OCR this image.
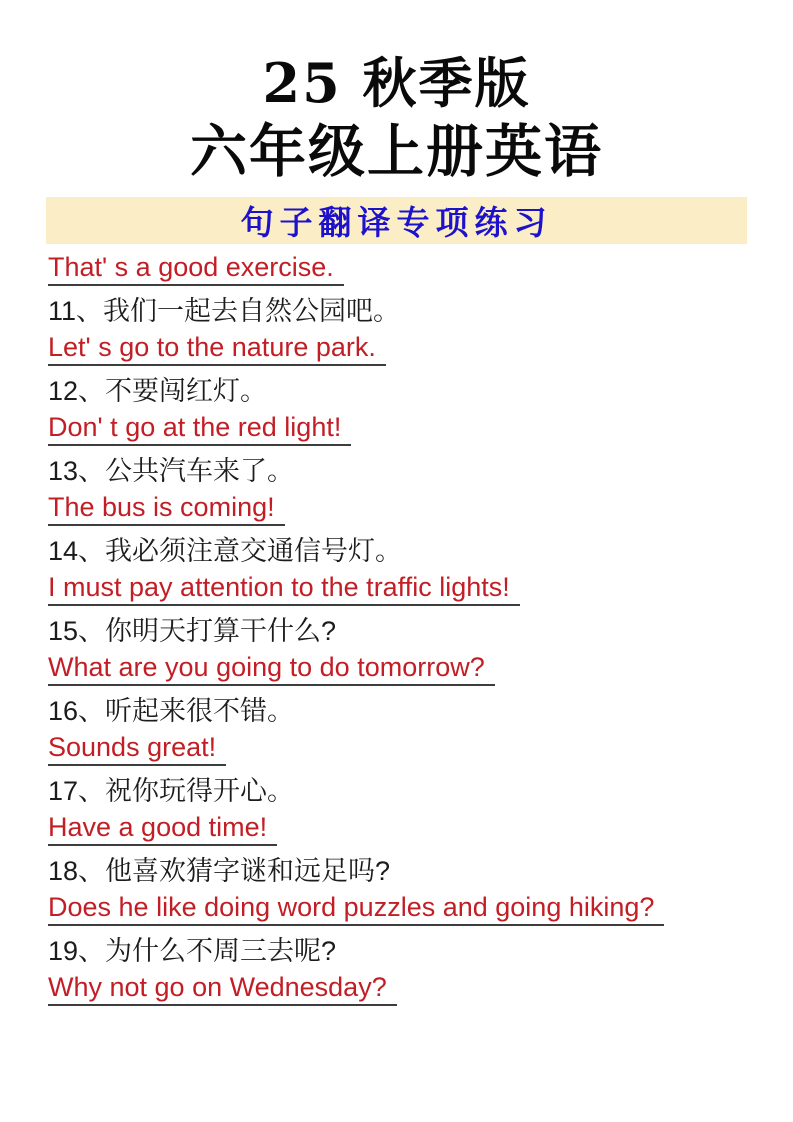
25 秋季版
六年级上册英语
句子翻译专项练习
That' s a good exercise.
11、我们一起去自然公园吧。
Let' s go to the nature park.
12、不要闯红灯。
Don' t go at the red light!
13、公共汽车来了。
The bus is coming!
14、我必须注意交通信号灯。
I must pay attention to the traffic lights!
15、你明天打算干什么?
What are you going to do tomorrow?
16、听起来很不错。
Sounds great!
17、祝你玩得开心。
Have a good time!
18、他喜欢猜字谜和远足吗?
Does he like doing word puzzles and going hiking?
19、为什么不周三去呢?
Why not go on Wednesday?
